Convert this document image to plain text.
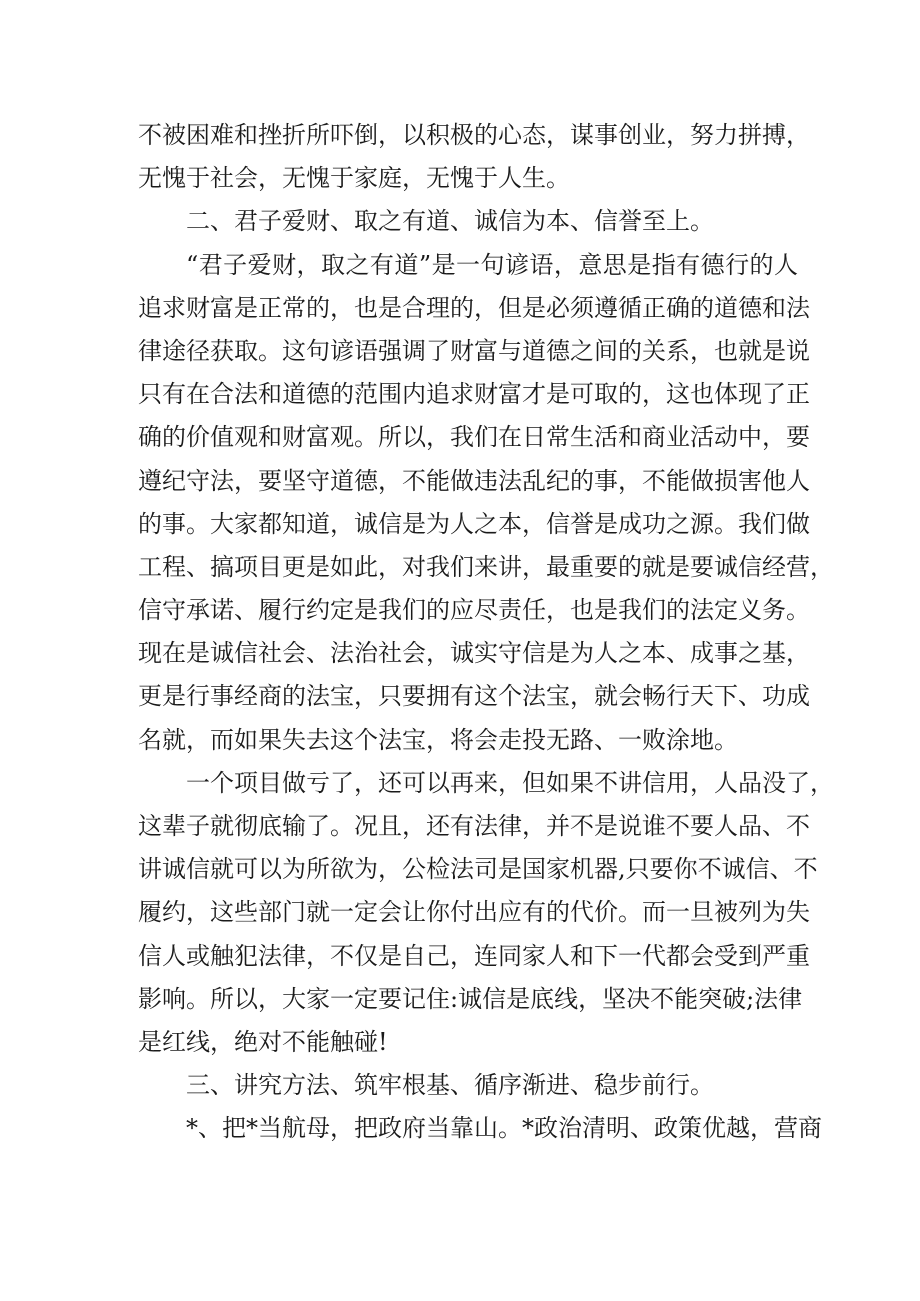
不被困难和挫折所吓倒，以积极的心态，谋事创业，努力拼搏，
无愧于社会，无愧于家庭，无愧于人生。
二、君子爱财、取之有道、诚信为本、信誉至上。
“君子爱财，取之有道”是一句谚语，意思是指有德行的人
追求财富是正常的，也是合理的，但是必须遵循正确的道德和法
律途径获取。这句谚语强调了财富与道德之间的关系，也就是说
只有在合法和道德的范围内追求财富才是可取的，这也体现了正
确的价值观和财富观。所以，我们在日常生活和商业活动中，要
遵纪守法，要坚守道德，不能做违法乱纪的事，不能做损害他人
的事。大家都知道，诚信是为人之本，信誉是成功之源。我们做
工程、搞项目更是如此，对我们来讲，最重要的就是要诚信经营，
信守承诺、履行约定是我们的应尽责任，也是我们的法定义务。
现在是诚信社会、法治社会，诚实守信是为人之本、成事之基，
更是行事经商的法宝，只要拥有这个法宝，就会畅行天下、功成
名就，而如果失去这个法宝，将会走投无路、一败涂地。
一个项目做亏了，还可以再来，但如果不讲信用，人品没了，
这辈子就彻底输了。况且，还有法律，并不是说谁不要人品、不
讲诚信就可以为所欲为，公检法司是国家机器,只要你不诚信、不
履约，这些部门就一定会让你付出应有的代价。而一旦被列为失
信人或触犯法律，不仅是自己，连同家人和下一代都会受到严重
影响。所以，大家一定要记住:诚信是底线，坚决不能突破;法律
是红线，绝对不能触碰!
三、讲究方法、筑牢根基、循序渐进、稳步前行。
*、把*当航母，把政府当靠山。*政治清明、政策优越，营商
